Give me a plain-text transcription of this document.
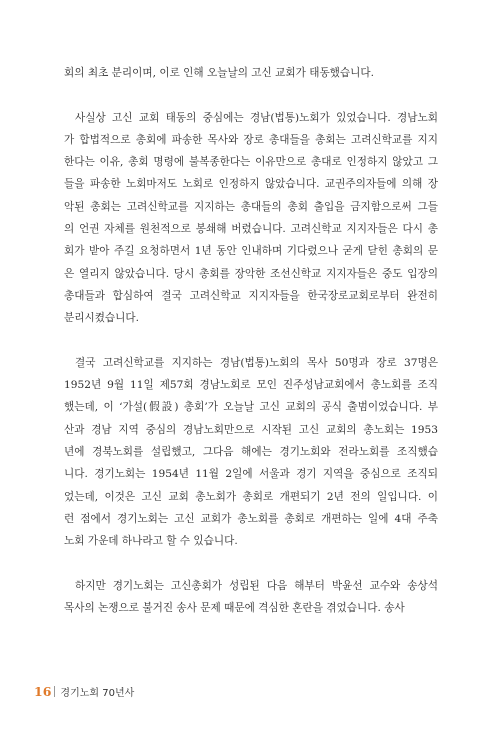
회의 최초 분리이며, 이로 인해 오늘날의 고신 교회가 태동했습니다.
사실상 고신 교회 태동의 중심에는 경남(법통)노회가 있었습니다. 경남노회
가 합법적으로 총회에 파송한 목사와 장로 총대들을 총회는 고려신학교를 지지
한다는 이유, 총회 명령에 불복종한다는 이유만으로 총대로 인정하지 않았고 그
들을 파송한 노회마저도 노회로 인정하지 않았습니다. 교권주의자들에 의해 장
악된 총회는 고려신학교를 지지하는 총대들의 총회 출입을 금지함으로써 그들
의 언권 자체를 원천적으로 봉쇄해 버렸습니다. 고려신학교 지지자들은 다시 총
회가 받아 주길 요청하면서 1년 동안 인내하며 기다렸으나 굳게 닫힌 총회의 문
은 열리지 않았습니다. 당시 총회를 장악한 조선신학교 지지자들은 중도 입장의
총대들과 합심하여 결국 고려신학교 지지자들을 한국장로교회로부터 완전히
분리시켰습니다.
결국 고려신학교를 지지하는 경남(법통)노회의 목사 50명과 장로 37명은
1952년 9월 11일 제57회 경남노회로 모인 진주성남교회에서 총노회를 조직
했는데, 이 ‘가설(假設) 총회’가 오늘날 고신 교회의 공식 출범이었습니다. 부
산과 경남 지역 중심의 경남노회만으로 시작된 고신 교회의 총노회는 1953
년에 경북노회를 설립했고, 그다음 해에는 경기노회와 전라노회를 조직했습
니다. 경기노회는 1954년 11월 2일에 서울과 경기 지역을 중심으로 조직되
었는데, 이것은 고신 교회 총노회가 총회로 개편되기 2년 전의 일입니다. 이
런 점에서 경기노회는 고신 교회가 총노회를 총회로 개편하는 일에 4대 주축
노회 가운데 하나라고 할 수 있습니다.
하지만 경기노회는 고신총회가 성립된 다음 해부터 박윤선 교수와 송상석
목사의 논쟁으로 불거진 송사 문제 때문에 격심한 혼란을 겪었습니다. 송사
16 경기노회 70년사
